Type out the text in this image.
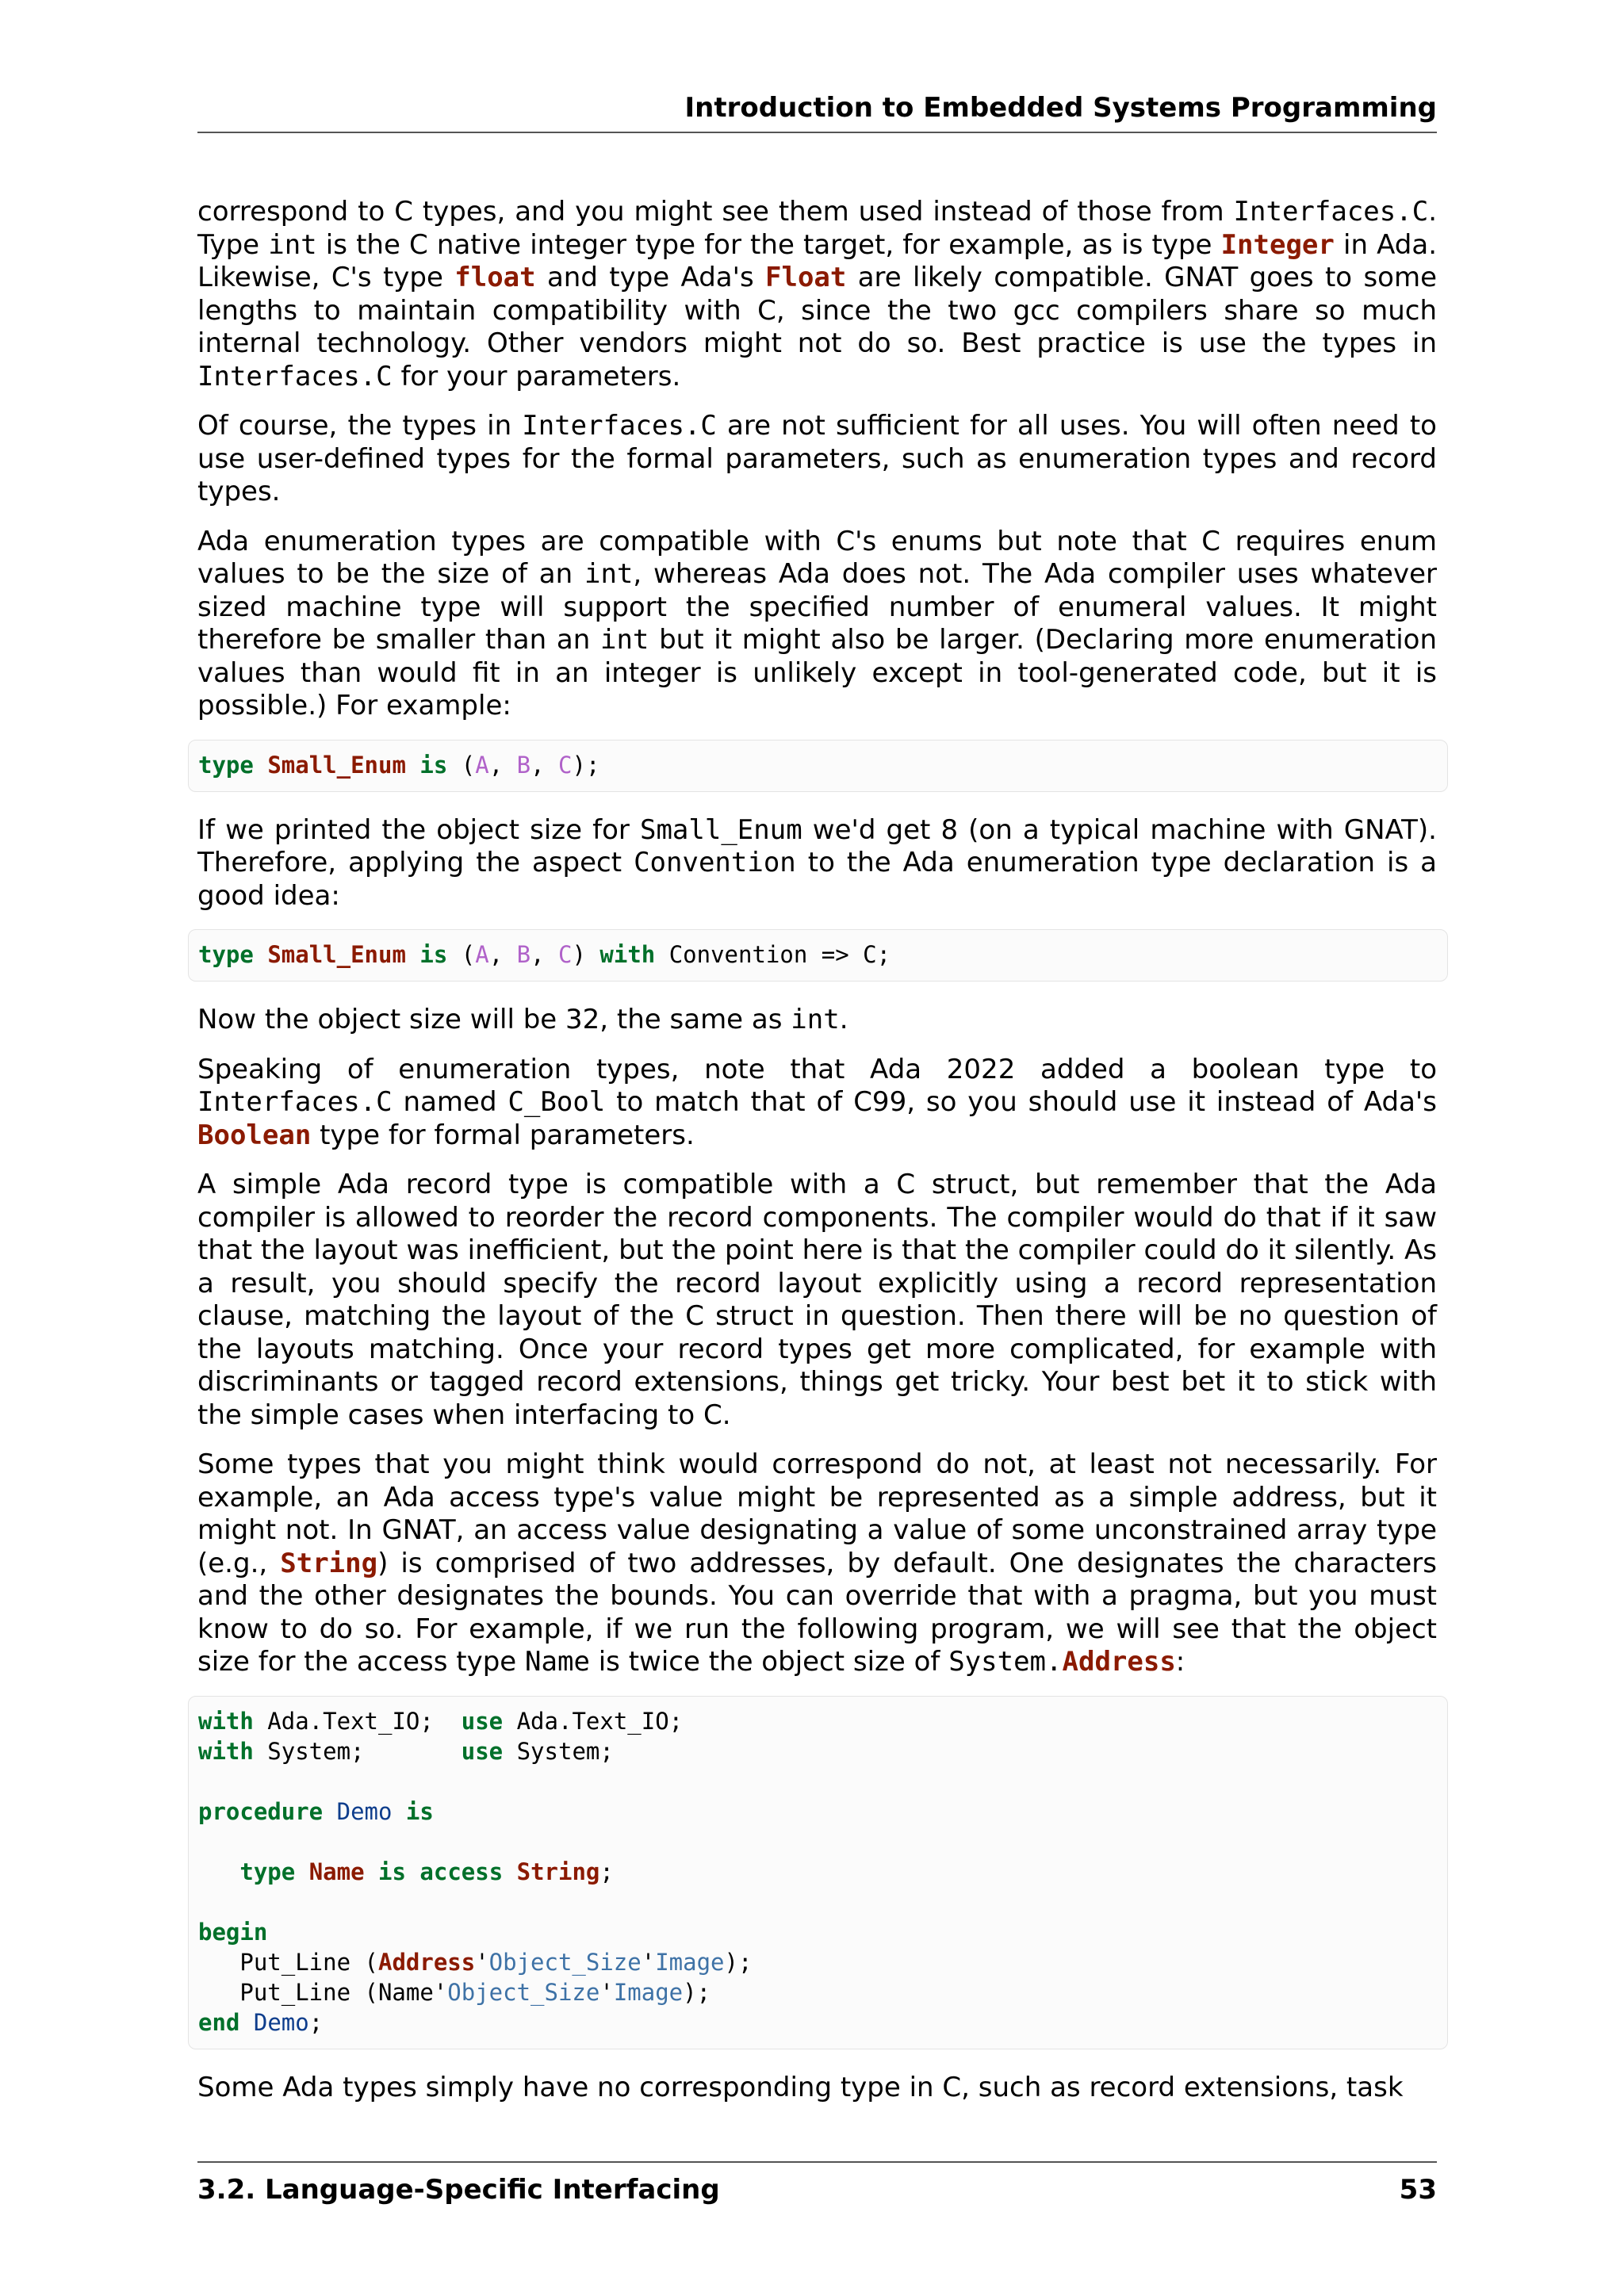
Introduction to Embedded Systems Programming

correspond to C types, and you might see them used instead of those from Interfaces.C. Type int is the C native integer type for the target, for example, as is type Integer in Ada. Likewise, C's type float and type Ada's Float are likely compatible. GNAT goes to some lengths to maintain compatibility with C, since the two gcc compilers share so much internal technology. Other vendors might not do so. Best practice is use the types in Interfaces.C for your parameters.

Of course, the types in Interfaces.C are not sufficient for all uses. You will often need to use user-defined types for the formal parameters, such as enumeration types and record types.

Ada enumeration types are compatible with C's enums but note that C requires enum values to be the size of an int, whereas Ada does not. The Ada compiler uses whatever sized machine type will support the specified number of enumeral values. It might therefore be smaller than an int but it might also be larger. (Declaring more enumeration values than would fit in an integer is unlikely except in tool-generated code, but it is possible.) For example:

type Small_Enum is (A, B, C);

If we printed the object size for Small_Enum we'd get 8 (on a typical machine with GNAT). Therefore, applying the aspect Convention to the Ada enumeration type declaration is a good idea:

type Small_Enum is (A, B, C) with Convention => C;

Now the object size will be 32, the same as int.

Speaking of enumeration types, note that Ada 2022 added a boolean type to Interfaces.C named C_Bool to match that of C99, so you should use it instead of Ada's Boolean type for formal parameters.

A simple Ada record type is compatible with a C struct, but remember that the Ada compiler is allowed to reorder the record components. The compiler would do that if it saw that the layout was inefficient, but the point here is that the compiler could do it silently. As a result, you should specify the record layout explicitly using a record representation clause, matching the layout of the C struct in question. Then there will be no question of the layouts matching. Once your record types get more complicated, for example with discriminants or tagged record extensions, things get tricky. Your best bet it to stick with the simple cases when interfacing to C.

Some types that you might think would correspond do not, at least not necessarily. For example, an Ada access type's value might be represented as a simple address, but it might not. In GNAT, an access value designating a value of some unconstrained array type (e.g., String) is comprised of two addresses, by default. One designates the characters and the other designates the bounds. You can override that with a pragma, but you must know to do so. For example, if we run the following program, we will see that the object size for the access type Name is twice the object size of System.Address:

with Ada.Text_IO;  use Ada.Text_IO;
with System;       use System;

procedure Demo is

type Name is access String;

begin
Put_Line (Address'Object_Size'Image);
Put_Line (Name'Object_Size'Image);
end Demo;

Some Ada types simply have no corresponding type in C, such as record extensions, task

3.2. Language-Specific Interfacing	53
